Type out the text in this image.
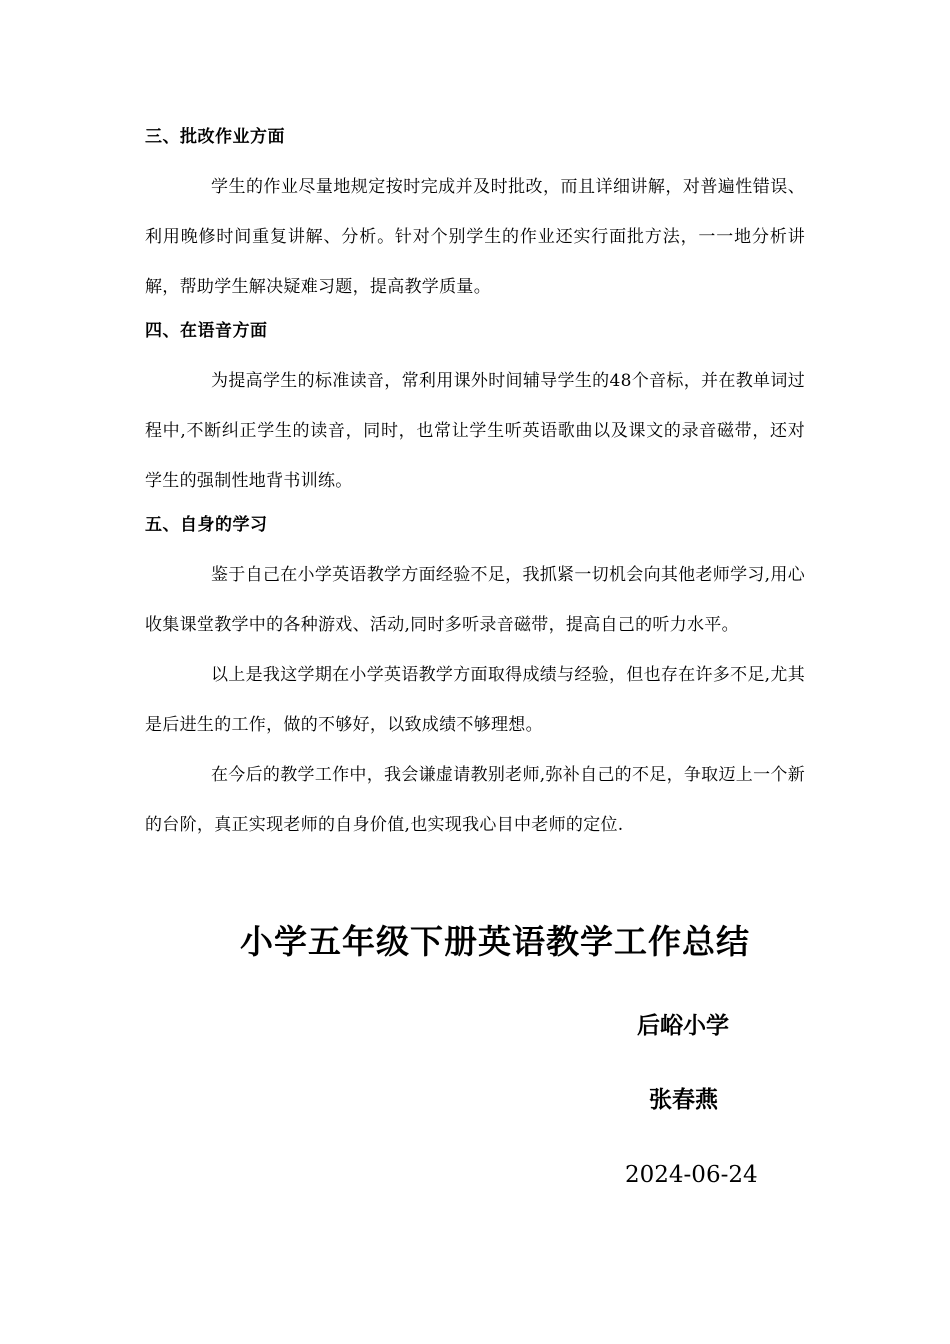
三、批改作业方面

学生的作业尽量地规定按时完成并及时批改，而且详细讲解，对普遍性错误、利用晚修时间重复讲解、分析。针对个别学生的作业还实行面批方法，一一地分析讲解，帮助学生解决疑难习题，提高教学质量。

四、在语音方面

为提高学生的标准读音，常利用课外时间辅导学生的48个音标，并在教单词过程中,不断纠正学生的读音，同时，也常让学生听英语歌曲以及课文的录音磁带，还对学生的强制性地背书训练。

五、自身的学习

鉴于自己在小学英语教学方面经验不足，我抓紧一切机会向其他老师学习,用心收集课堂教学中的各种游戏、活动,同时多听录音磁带，提高自己的听力水平。

以上是我这学期在小学英语教学方面取得成绩与经验，但也存在许多不足,尤其是后进生的工作，做的不够好，以致成绩不够理想。

在今后的教学工作中，我会谦虚请教别老师,弥补自己的不足，争取迈上一个新的台阶，真正实现老师的自身价值,也实现我心目中老师的定位.

小学五年级下册英语教学工作总结
后峪小学
张春燕
2024-06-24
